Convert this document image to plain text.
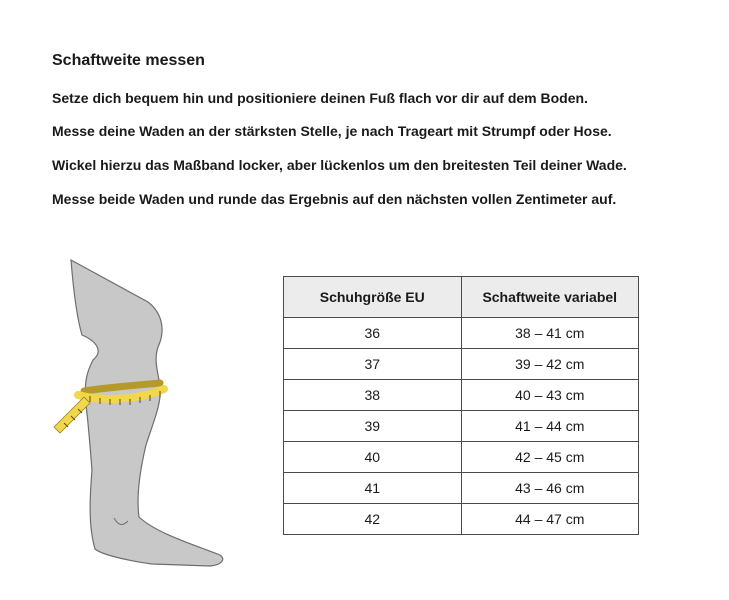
Schaftweite messen
Setze dich bequem hin und positioniere deinen Fuß flach vor dir auf dem Boden.
Messe deine Waden an der stärksten Stelle, je nach Trageart mit Strumpf oder Hose.
Wickel hierzu das Maßband locker, aber lückenlos um den breitesten Teil deiner Wade.
Messe beide Waden und runde das Ergebnis auf den nächsten vollen Zentimeter auf.
Schuhgröße EU	Schaftweite variabel
36	38 – 41 cm
37	39 – 42 cm
38	40 – 43 cm
39	41 – 44 cm
40	42 – 45 cm
41	43 – 46 cm
42	44 – 47 cm
